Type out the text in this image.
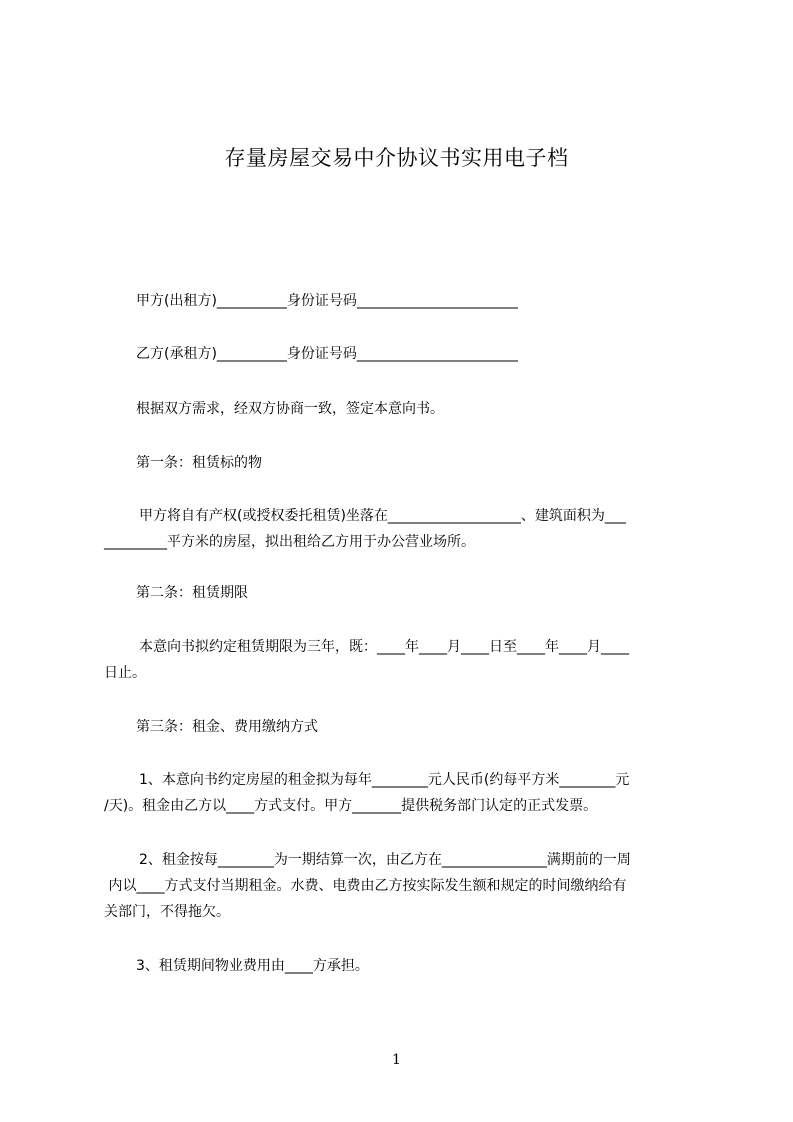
存量房屋交易中介协议书实用电子档
甲方(出租方)__________身份证号码_______________________
乙方(承租方)__________身份证号码_______________________
根据双方需求，经双方协商一致，签定本意向书。
第一条：租赁标的物
甲方将自有产权(或授权委托租赁)坐落在___________________、建筑面积为___
_________平方米的房屋，拟出租给乙方用于办公营业场所。
第二条：租赁期限
本意向书拟约定租赁期限为三年，既：____年____月____日至____年____月____
日止。
第三条：租金、费用缴纳方式
1、本意向书约定房屋的租金拟为每年________元人民币(约每平方米________元
/天)。租金由乙方以____方式支付。甲方_______提供税务部门认定的正式发票。
2、租金按每________为一期结算一次，由乙方在_______________满期前的一周
内以____方式支付当期租金。水费、电费由乙方按实际发生额和规定的时间缴纳给有
关部门，不得拖欠。
3、租赁期间物业费用由____方承担。
1
